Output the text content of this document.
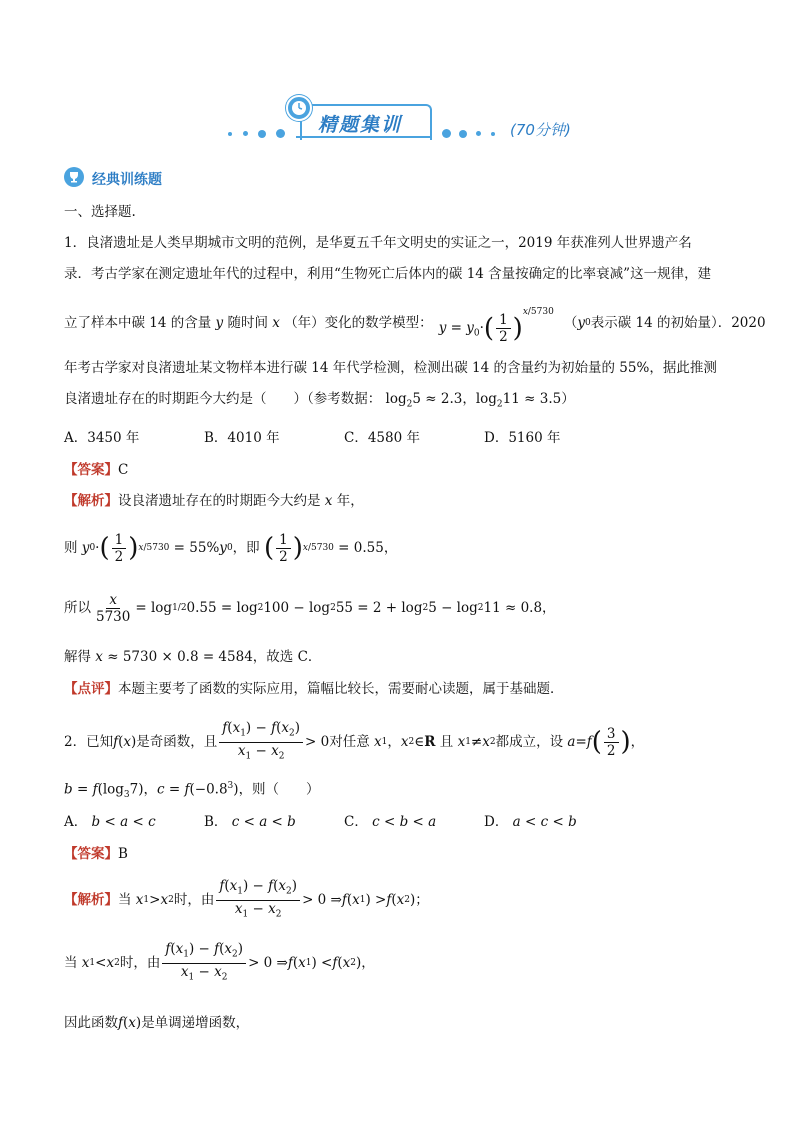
精题集训	(70分钟)
经典训练题
一、选择题.
1．良渚遗址是人类早期城市文明的范例，是华夏五千年文明史的实证之一，2019 年获准列人世界遗产名
录．考古学家在测定遗址年代的过程中，利用“生物死亡后体内的碳 14 含量按确定的比率衰减”这一规律，建
立了样本中碳 14 的含量 y 随时间 x （年）变化的数学模型： $y = y_0\cdot( \frac{1}{2} )^{x/5730}$
（ y 0 表示碳 14 的初始量）．2020
年考古学家对良渚遗址某文物样本进行碳 14 年代学检测，检测出碳 14 的含量约为初始量的 55%，据此推测
良渚遗址存在的时期距今大约是（　　）（参考数据： $\log_25 \approx 2.3$，$\log_211 \approx 3.5$）
A．3450 年	B．4010 年	C．4580 年	D．5160 年
【答案】C
【解析】设良渚遗址存在的时期距今大约是 x 年，
则
y 0 · ( $\frac{1}{2}$ ) x/5730 = 55% y 0 ，即
( $\frac{1}{2}$ ) x/5730 = 0.55，
所以 $\frac{x}{5730} = \log 1/2$ 0.55 = log 2 100 − log 2 55 = 2 + log 2 5 − log 2 11 ≈ 0.8，
解得 x ≈ 5730 × 0.8 = 4584，故选 C．
【点评】本题主要考了函数的实际应用，篇幅比较长，需要耐心读题，属于基础题．
2．已知 f ( x ) 是奇函数，且 $\frac{f(x_1) - f(x_2)}{x_1 - x_2} > 0$ 对任意
x 1 ， x 2 ∈ R
且
x 1 ≠ x 2 都成立，设
a = f ( $\frac{3}{2}$ ) ，
$b = f(\log_37)$，$c = f(-0.8^3)$，则（　　）
A． b < a < c	B． c < a < b	C． c < b < a	D． a < c < b
【答案】B
【解析】 当
x 1 > x 2 时，由 $\frac{f(x_1) - f(x_2)}{x_1 - x_2} > 0$ ⇒ f ( x 1 ) > f ( x 2 )；
当
x 1 < x 2 时，由 $\frac{f(x_1) - f(x_2)}{x_1 - x_2} > 0$ ⇒ f ( x 1 ) < f ( x 2 )，
因此函数f(x)是单调递增函数，
